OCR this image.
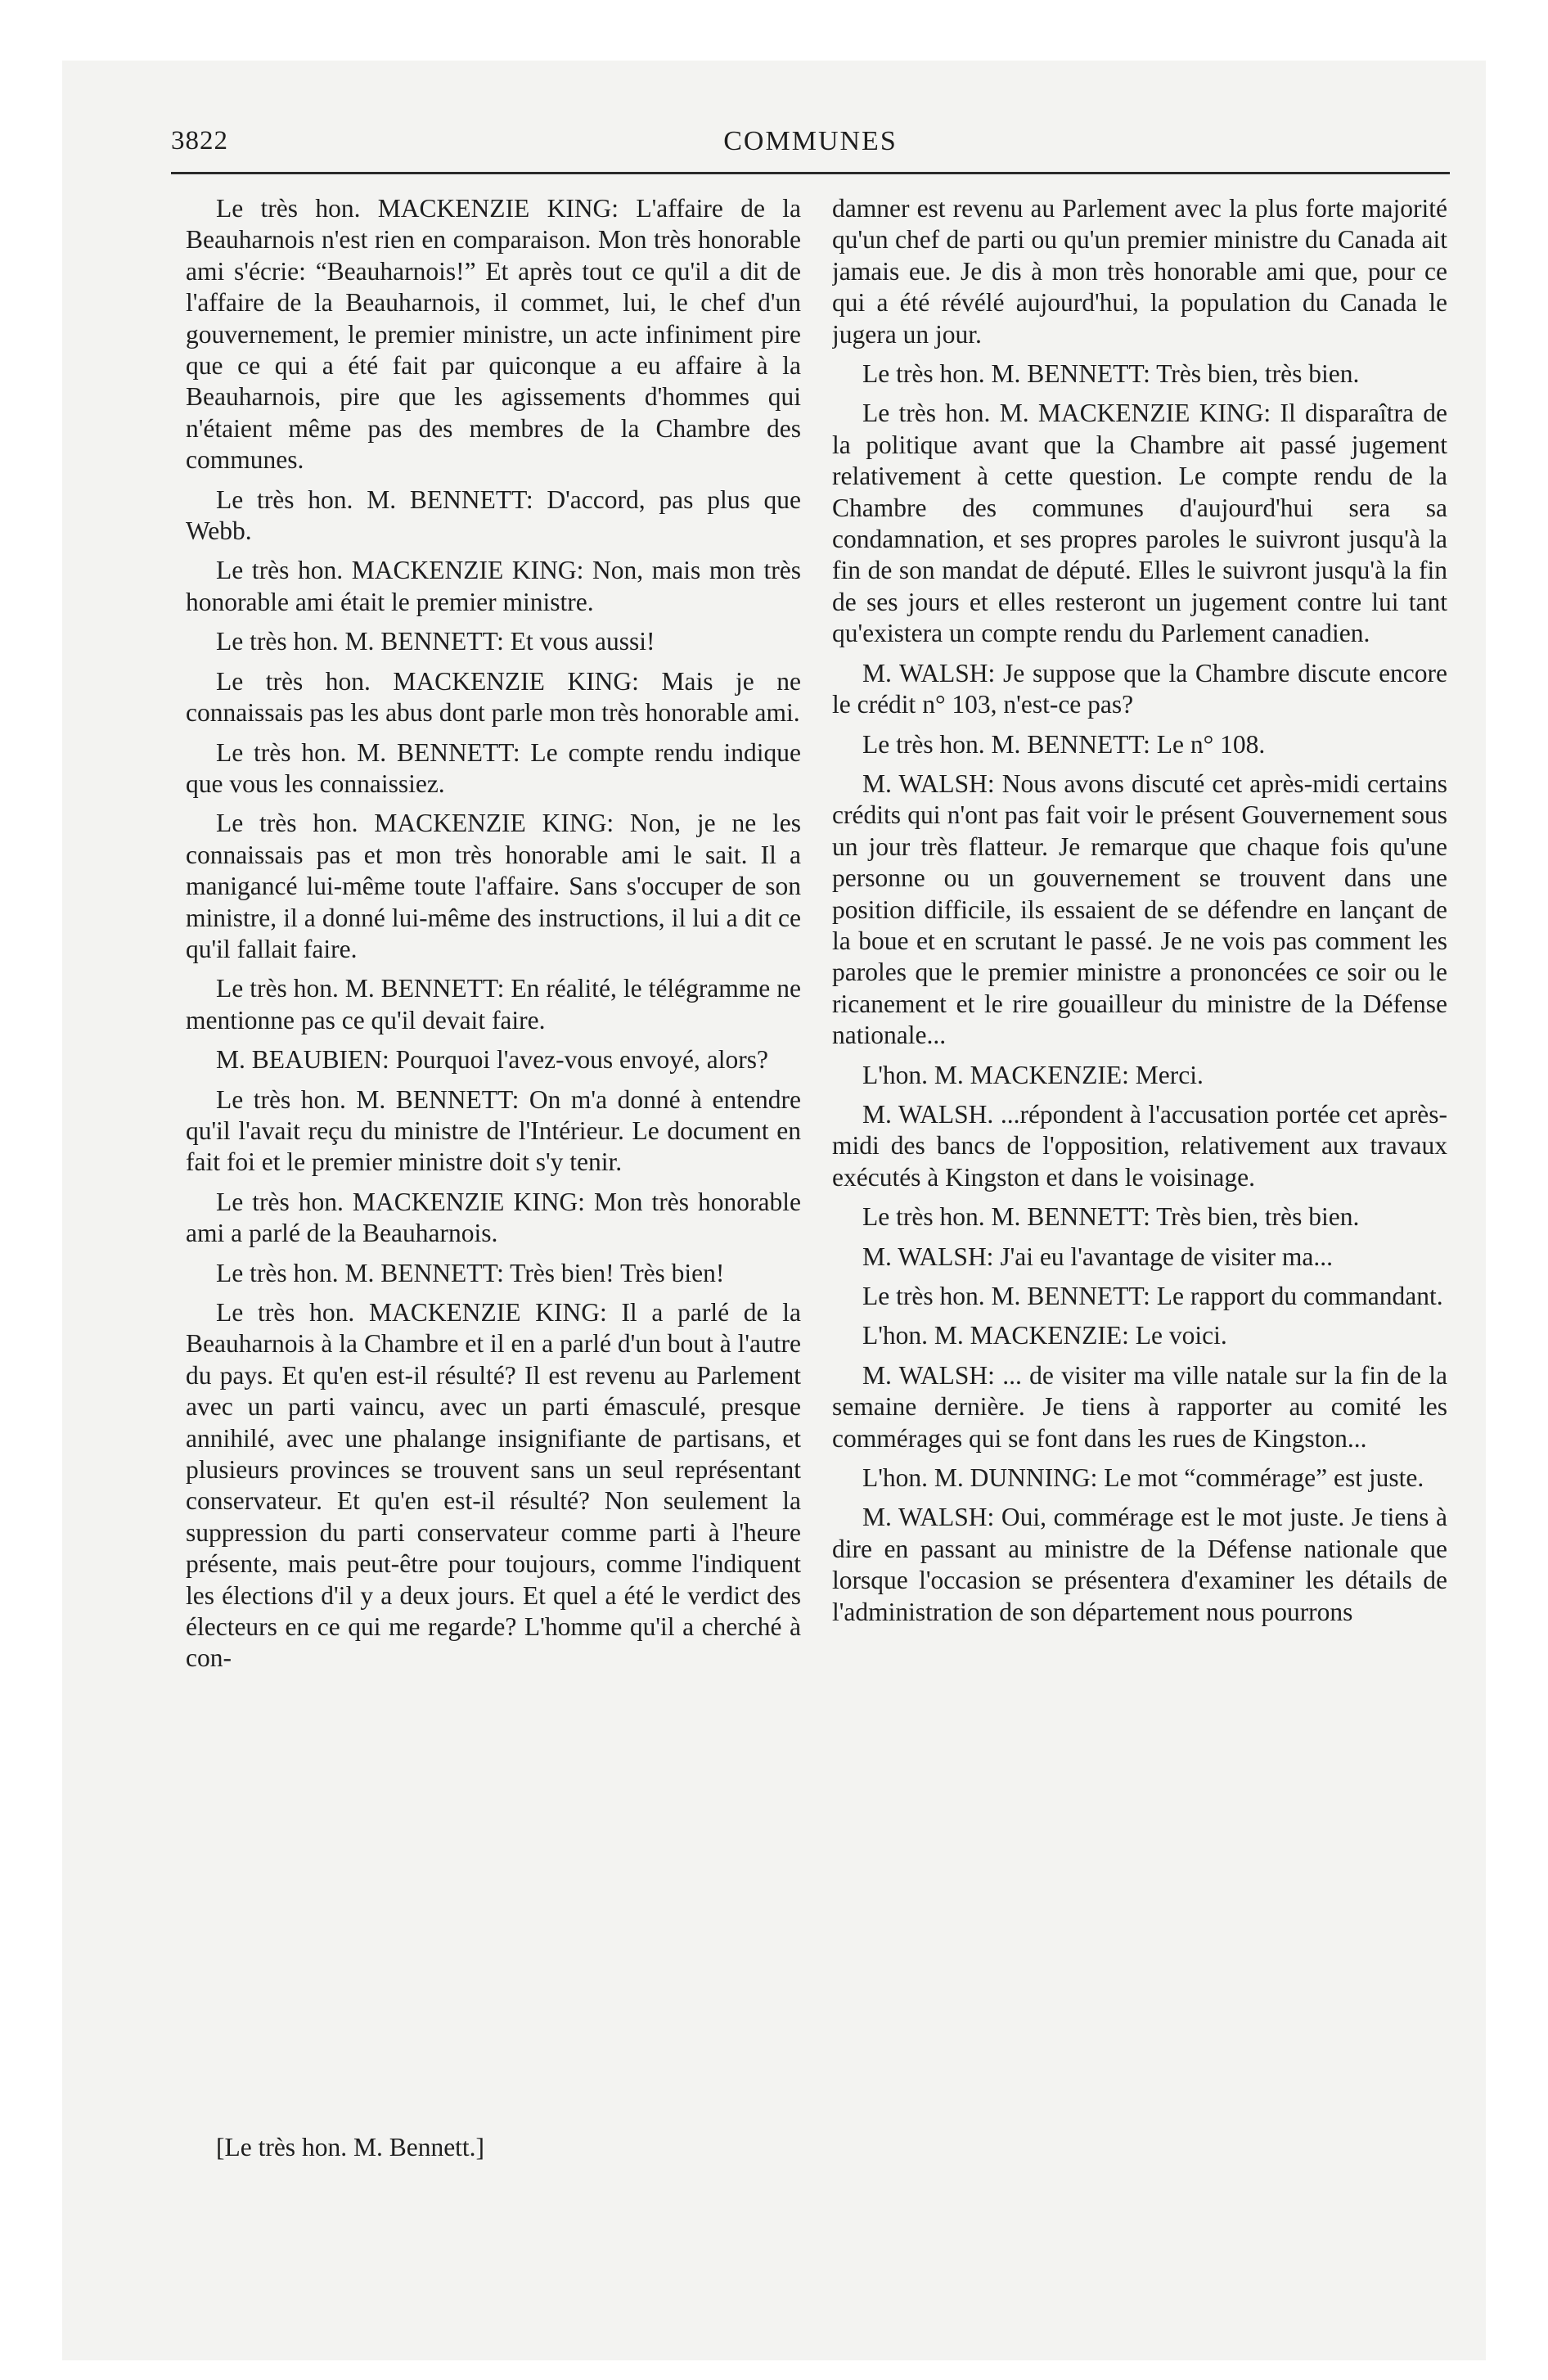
3822	COMMUNES

Le très hon. MACKENZIE KING: L'affaire de la Beauharnois n'est rien en comparaison. Mon très honorable ami s'écrie: “Beauharnois!” Et après tout ce qu'il a dit de l'affaire de la Beauharnois, il commet, lui, le chef d'un gouvernement, le premier ministre, un acte infiniment pire que ce qui a été fait par quiconque a eu affaire à la Beauharnois, pire que les agissements d'hommes qui n'étaient même pas des membres de la Chambre des communes.

Le très hon. M. BENNETT: D'accord, pas plus que Webb.

Le très hon. MACKENZIE KING: Non, mais mon très honorable ami était le premier ministre.

Le très hon. M. BENNETT: Et vous aussi!

Le très hon. MACKENZIE KING: Mais je ne connaissais pas les abus dont parle mon très honorable ami.

Le très hon. M. BENNETT: Le compte rendu indique que vous les connaissiez.

Le très hon. MACKENZIE KING: Non, je ne les connaissais pas et mon très honorable ami le sait. Il a manigancé lui-même toute l'affaire. Sans s'occuper de son ministre, il a donné lui-même des instructions, il lui a dit ce qu'il fallait faire.

Le très hon. M. BENNETT: En réalité, le télégramme ne mentionne pas ce qu'il devait faire.

M. BEAUBIEN: Pourquoi l'avez-vous envoyé, alors?

Le très hon. M. BENNETT: On m'a donné à entendre qu'il l'avait reçu du ministre de l'Intérieur. Le document en fait foi et le premier ministre doit s'y tenir.

Le très hon. MACKENZIE KING: Mon très honorable ami a parlé de la Beauharnois.

Le très hon. M. BENNETT: Très bien! Très bien!

Le très hon. MACKENZIE KING: Il a parlé de la Beauharnois à la Chambre et il en a parlé d'un bout à l'autre du pays. Et qu'en est-il résulté? Il est revenu au Parlement avec un parti vaincu, avec un parti émasculé, presque annihilé, avec une phalange insignifiante de partisans, et plusieurs provinces se trouvent sans un seul représentant conservateur. Et qu'en est-il résulté? Non seulement la suppression du parti conservateur comme parti à l'heure présente, mais peut-être pour toujours, comme l'indiquent les élections d'il y a deux jours. Et quel a été le verdict des électeurs en ce qui me regarde? L'homme qu'il a cherché à con-

damner est revenu au Parlement avec la plus forte majorité qu'un chef de parti ou qu'un premier ministre du Canada ait jamais eue. Je dis à mon très honorable ami que, pour ce qui a été révélé aujourd'hui, la population du Canada le jugera un jour.

Le très hon. M. BENNETT: Très bien, très bien.

Le très hon. M. MACKENZIE KING: Il disparaîtra de la politique avant que la Chambre ait passé jugement relativement à cette question. Le compte rendu de la Chambre des communes d'aujourd'hui sera sa condamnation, et ses propres paroles le suivront jusqu'à la fin de son mandat de député. Elles le suivront jusqu'à la fin de ses jours et elles resteront un jugement contre lui tant qu'existera un compte rendu du Parlement canadien.

M. WALSH: Je suppose que la Chambre discute encore le crédit n° 103, n'est-ce pas?

Le très hon. M. BENNETT: Le n° 108.

M. WALSH: Nous avons discuté cet après-midi certains crédits qui n'ont pas fait voir le présent Gouvernement sous un jour très flatteur. Je remarque que chaque fois qu'une personne ou un gouvernement se trouvent dans une position difficile, ils essaient de se défendre en lançant de la boue et en scrutant le passé. Je ne vois pas comment les paroles que le premier ministre a prononcées ce soir ou le ricanement et le rire gouailleur du ministre de la Défense nationale...

L'hon. M. MACKENZIE: Merci.

M. WALSH. ...répondent à l'accusation portée cet après-midi des bancs de l'opposition, relativement aux travaux exécutés à Kingston et dans le voisinage.

Le très hon. M. BENNETT: Très bien, très bien.

M. WALSH: J'ai eu l'avantage de visiter ma...

Le très hon. M. BENNETT: Le rapport du commandant.

L'hon. M. MACKENZIE: Le voici.

M. WALSH: ... de visiter ma ville natale sur la fin de la semaine dernière. Je tiens à rapporter au comité les commérages qui se font dans les rues de Kingston...

L'hon. M. DUNNING: Le mot “commérage” est juste.

M. WALSH: Oui, commérage est le mot juste. Je tiens à dire en passant au ministre de la Défense nationale que lorsque l'occasion se présentera d'examiner les détails de l'administration de son département nous pourrons

[Le très hon. M. Bennett.]
